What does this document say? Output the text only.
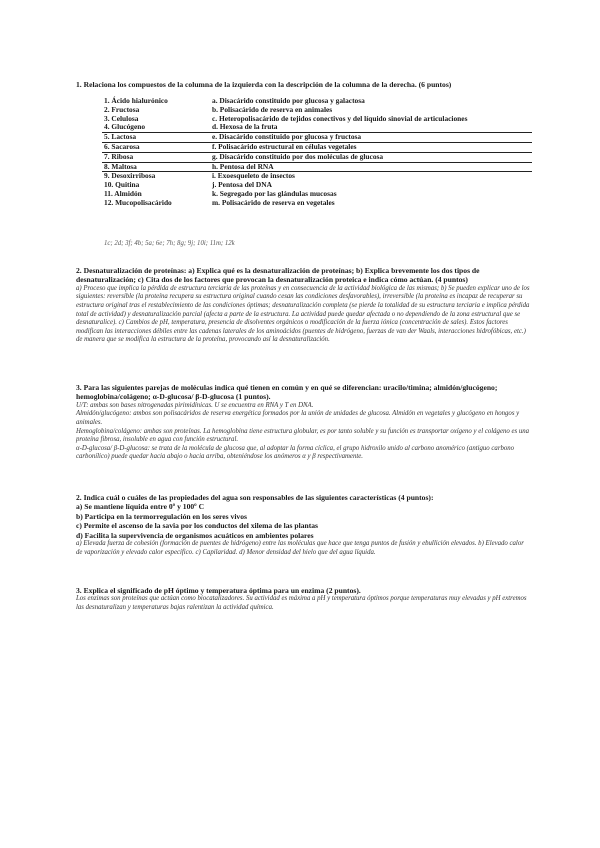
1. Relaciona los compuestos de la columna de la izquierda con la descripción de la columna de la derecha. (6 puntos)

1. Ácido hialurónico	a. Disacárido constituido por glucosa y galactosa
2. Fructosa	b. Polisacárido de reserva en animales
3. Celulosa	c. Heteropolisacárido de tejidos conectivos y del líquido sinovial de articulaciones
4. Glucógeno	d. Hexosa de la fruta
5. Lactosa	e. Disacárido constituido por glucosa y fructosa
6. Sacarosa	f. Polisacárido estructural en células vegetales
7. Ribosa	g. Disacárido constituido por dos moléculas de glucosa
8. Maltosa	h. Pentosa del RNA
9. Desoxirribosa	i. Exoesqueleto de insectos
10. Quitina	j. Pentosa del DNA
11. Almidón	k. Segregado por las glándulas mucosas
12. Mucopolisacárido	m. Polisacárido de reserva en vegetales
1c; 2d; 3f; 4b; 5a; 6e; 7h; 8g; 9j; 10i; 11m; 12k

2. Desnaturalización de proteínas: a) Explica qué es la desnaturalización de proteínas; b) Explica brevemente los dos tipos de desnaturalización; c) Cita dos de los factores que provocan la desnaturalización proteica e indica cómo actúan. (4 puntos)

a) Proceso que implica la pérdida de estructura terciaria de las proteínas y en consecuencia de la actividad biológica de las mismas; b) Se pueden explicar uno de los siguientes: reversible (la proteína recupera su estructura original cuando cesan las condiciones desfavorables), irreversible (la proteína es incapaz de recuperar su estructura original tras el restablecimiento de las condiciones óptimas; desnaturalización completa (se pierde la totalidad de su estructura terciaria e implica pérdida total de actividad) y desnaturalización parcial (afecta a parte de la estructura. La actividad puede quedar afectada o no dependiendo de la zona estructural que se desnaturalice). c) Cambios de pH, temperatura, presencia de disolventes orgánicos o modificación de la fuerza iónica (concentración de sales). Estos factores modifican las interacciones débiles entre las cadenas laterales de los aminoácidos (puentes de hidrógeno, fuerzas de van der Waals, interacciones hidrofóbicas, etc.) de manera que se modifica la estructura de la proteína, provocando así la desnaturalización.

3. Para las siguientes parejas de moléculas indica qué tienen en común y en qué se diferencian: uracilo/timina; almidón/glucógeno; hemoglobina/colágeno; α-D-glucosa/ β-D-glucosa (1 puntos).

U/T: ambas son bases nitrogenadas pirimidínicas. U se encuentra en RNA y T en DNA.

Almidón/glucógeno: ambos son polisacáridos de reserva energética formados por la unión de unidades de glucosa. Almidón en vegetales y glucógeno en hongos y animales.

Hemoglobina/colágeno: ambas son proteínas. La hemoglobina tiene estructura globular, es por tanto soluble y su función es transportar oxígeno y el colágeno es una proteína fibrosa, insoluble en agua con función estructural.

α-D-glucosa/ β-D-glucosa: se trata de la molécula de glucosa que, al adoptar la forma cíclica, el grupo hidroxilo unido al carbono anomérico (antiguo carbono carbonílico) puede quedar hacia abajo o hacia arriba, obteniéndose los anómeros α y β respectivamente.

2. Indica cuál o cuáles de las propiedades del agua son responsables de las siguientes características (4 puntos):

a) Se mantiene líquida entre 0º y 100º C

b) Participa en la termorregulación en los seres vivos

c) Permite el ascenso de la savia por los conductos del xilema de las plantas

d) Facilita la supervivencia de organismos acuáticos en ambientes polares

a) Elevada fuerza de cohesión (formación de puentes de hidrógeno) entre las moléculas que hace que tenga puntos de fusión y ebullición elevados. b) Elevado calor de vaporización y elevado calor específico. c) Capilaridad. d) Menor densidad del hielo que del agua líquida.

3. Explica el significado de pH óptimo y temperatura óptima para un enzima (2 puntos).

Los enzimas son proteínas que actúan como biocatalizadores. Su actividad es máxima a pH y temperatura óptimos porque temperaturas muy elevadas y pH extremos las desnaturalizan y temperaturas bajas ralentizan la actividad química.
